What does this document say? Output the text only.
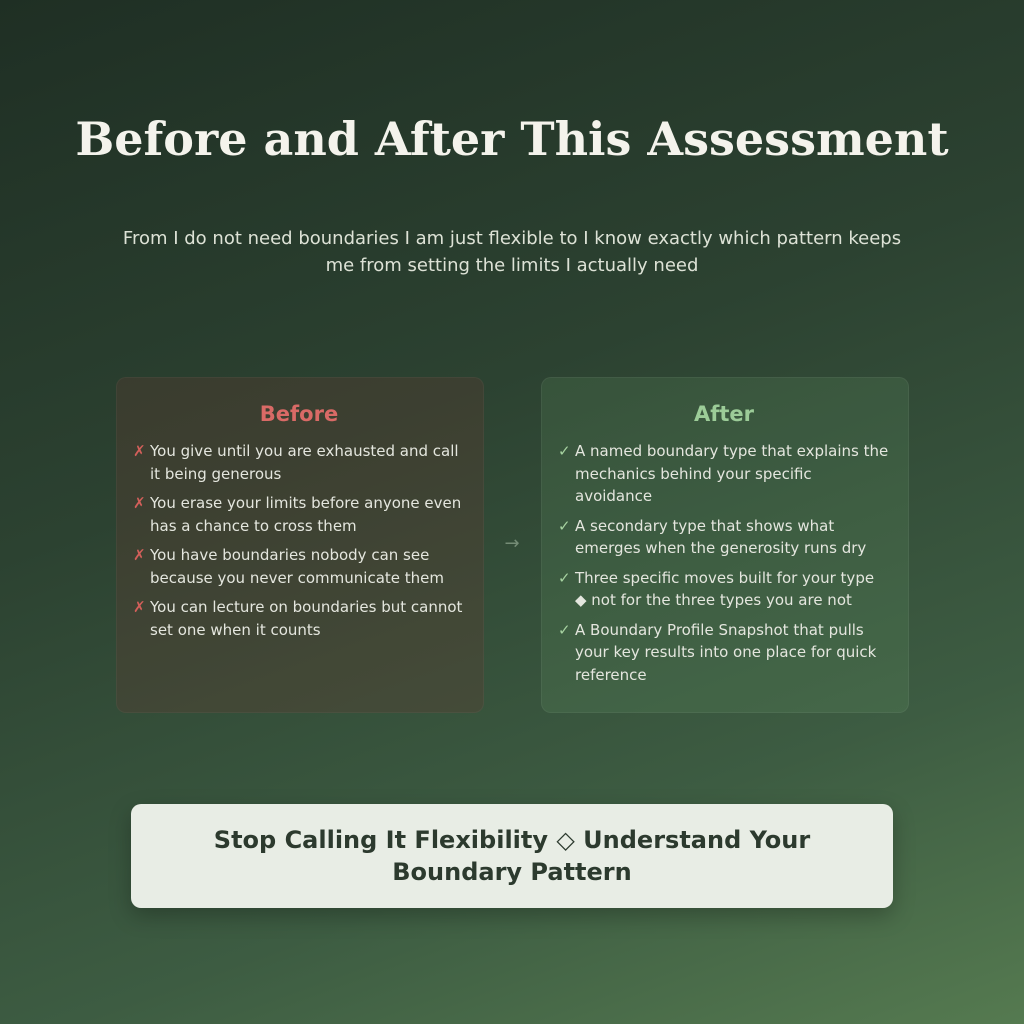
Before and After This Assessment

From I do not need boundaries I am just flexible to I know exactly which pattern keeps me from setting the limits I actually need

Before
✗ You give until you are exhausted and call it being generous
✗ You erase your limits before anyone even has a chance to cross them
✗ You have boundaries nobody can see because you never communicate them
✗ You can lecture on boundaries but cannot set one when it counts
→
After
✓ A named boundary type that explains the mechanics behind your specific avoidance
✓ A secondary type that shows what emerges when the generosity runs dry
✓ Three specific moves built for your type ◆ not for the three types you are not
✓ A Boundary Profile Snapshot that pulls your key results into one place for quick reference
Stop Calling It Flexibility ◇ Understand Your Boundary Pattern
